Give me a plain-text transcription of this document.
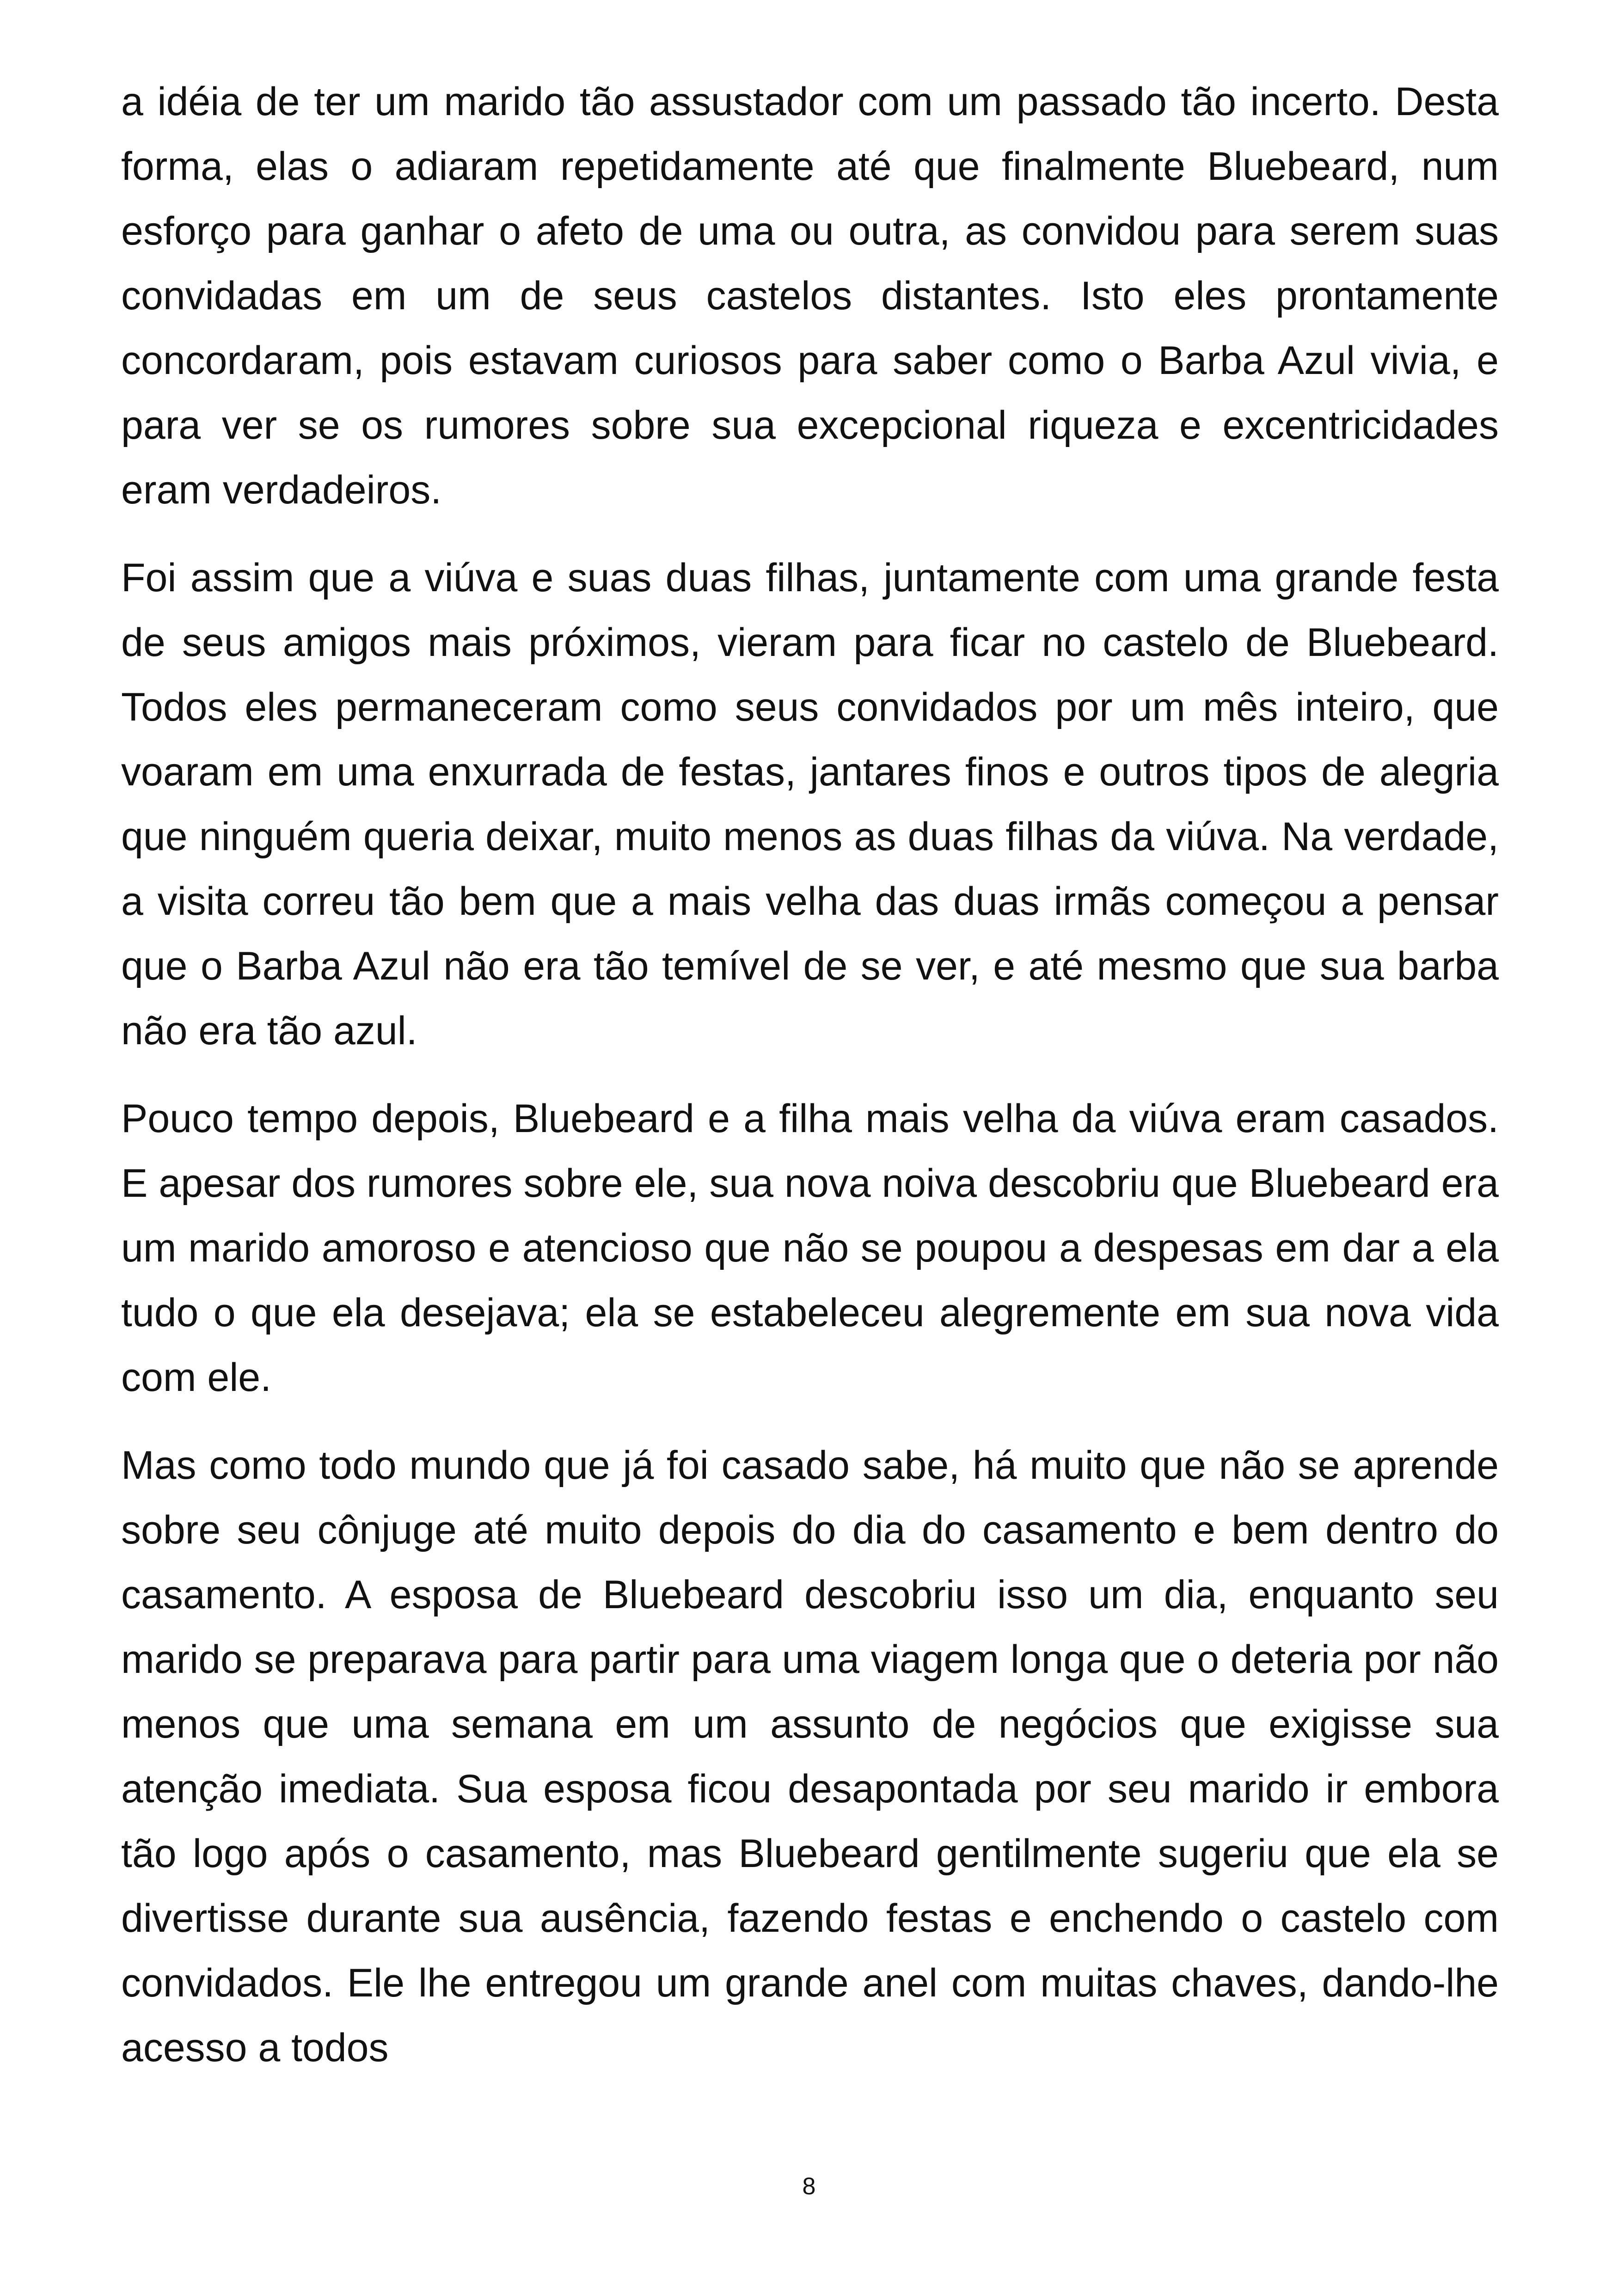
a idéia de ter um marido tão assustador com um passado tão incerto. Desta forma, elas o adiaram repetidamente até que finalmente Bluebeard, num esforço para ganhar o afeto de uma ou outra, as convidou para serem suas convidadas em um de seus castelos distantes. Isto eles prontamente concordaram, pois estavam curiosos para saber como o Barba Azul vivia, e para ver se os rumores sobre sua excepcional riqueza e excentricidades eram verdadeiros.

Foi assim que a viúva e suas duas filhas, juntamente com uma grande festa de seus amigos mais próximos, vieram para ficar no castelo de Bluebeard. Todos eles permaneceram como seus convidados por um mês inteiro, que voaram em uma enxurrada de festas, jantares finos e outros tipos de alegria que ninguém queria deixar, muito menos as duas filhas da viúva. Na verdade, a visita correu tão bem que a mais velha das duas irmãs começou a pensar que o Barba Azul não era tão temível de se ver, e até mesmo que sua barba não era tão azul.

Pouco tempo depois, Bluebeard e a filha mais velha da viúva eram casados. E apesar dos rumores sobre ele, sua nova noiva descobriu que Bluebeard era um marido amoroso e atencioso que não se poupou a despesas em dar a ela tudo o que ela desejava; ela se estabeleceu alegremente em sua nova vida com ele.

Mas como todo mundo que já foi casado sabe, há muito que não se aprende sobre seu cônjuge até muito depois do dia do casamento e bem dentro do casamento. A esposa de Bluebeard descobriu isso um dia, enquanto seu marido se preparava para partir para uma viagem longa que o deteria por não menos que uma semana em um assunto de negócios que exigisse sua atenção imediata. Sua esposa ficou desapontada por seu marido ir embora tão logo após o casamento, mas Bluebeard gentilmente sugeriu que ela se divertisse durante sua ausência, fazendo festas e enchendo o castelo com convidados. Ele lhe entregou um grande anel com muitas chaves, dando-lhe acesso a todos

8
